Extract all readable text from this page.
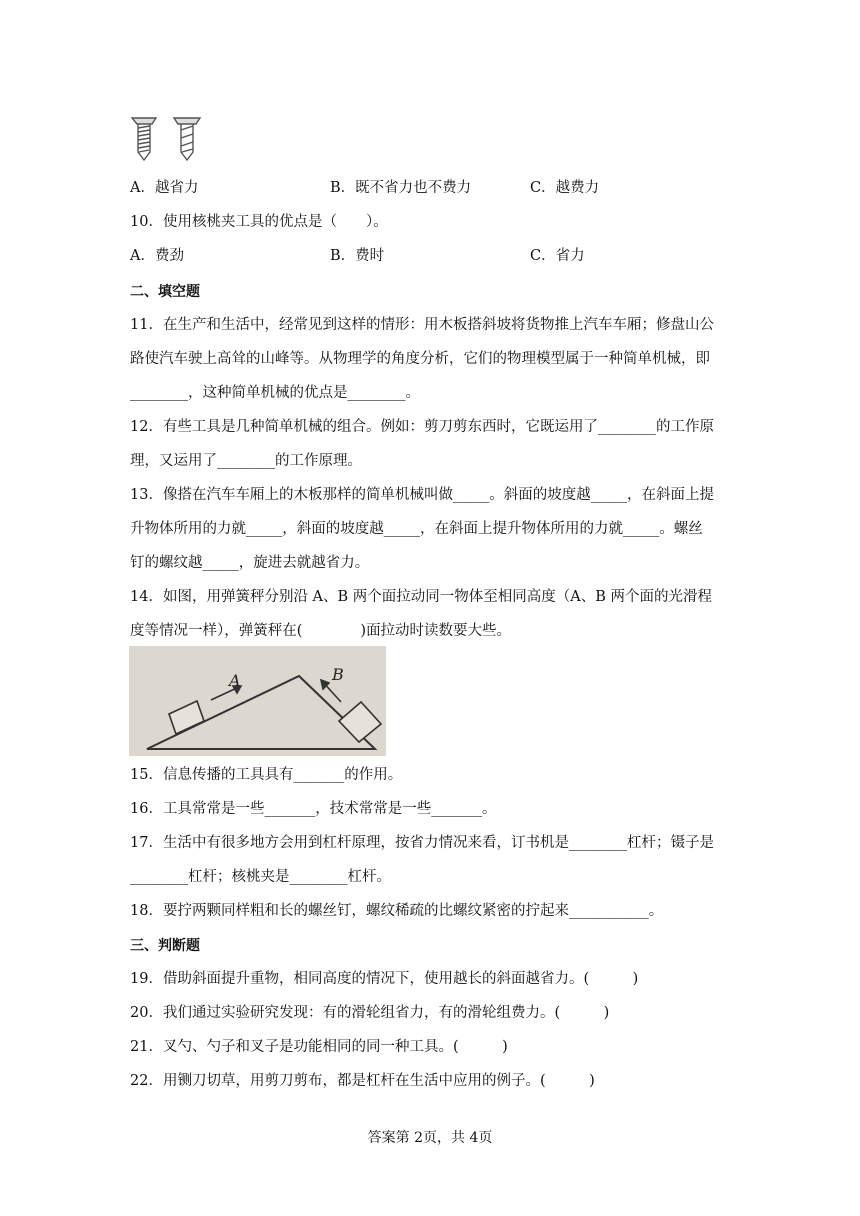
A．越省力	B．既不省力也不费力	C．越费力
10．使用核桃夹工具的优点是（　　）。
A．费劲	B．费时	C．省力
二、填空题
11．在生产和生活中，经常见到这样的情形：用木板搭斜坡将货物推上汽车车厢；修盘山公
路使汽车驶上高耸的山峰等。从物理学的角度分析，它们的物理模型属于一种简单机械，即
________，这种简单机械的优点是________。
12．有些工具是几种简单机械的组合。例如：剪刀剪东西时，它既运用了________的工作原
理，又运用了________的工作原理。
13．像搭在汽车车厢上的木板那样的简单机械叫做_____。斜面的坡度越_____，在斜面上提
升物体所用的力就_____，斜面的坡度越_____，在斜面上提升物体所用的力就_____。螺丝
钉的螺纹越_____，旋进去就越省力。
14．如图，用弹簧秤分别沿 A、B 两个面拉动同一物体至相同高度（A、B 两个面的光滑程
度等情况一样），弹簧秤在(　　　　)面拉动时读数要大些。
A	B
15．信息传播的工具具有_______的作用。
16．工具常常是一些_______，技术常常是一些_______。
17．生活中有很多地方会用到杠杆原理，按省力情况来看，订书机是________杠杆；镊子是
________杠杆；核桃夹是________杠杆。
18．要拧两颗同样粗和长的螺丝钉，螺纹稀疏的比螺纹紧密的拧起来___________。
三、判断题
19．借助斜面提升重物，相同高度的情况下，使用越长的斜面越省力。(　　　)
20．我们通过实验研究发现：有的滑轮组省力，有的滑轮组费力。(　　　)
21．叉勺、勺子和叉子是功能相同的同一种工具。(　　　)
22．用铡刀切草，用剪刀剪布，都是杠杆在生活中应用的例子。(　　　)
答案第 2页，共 4页
